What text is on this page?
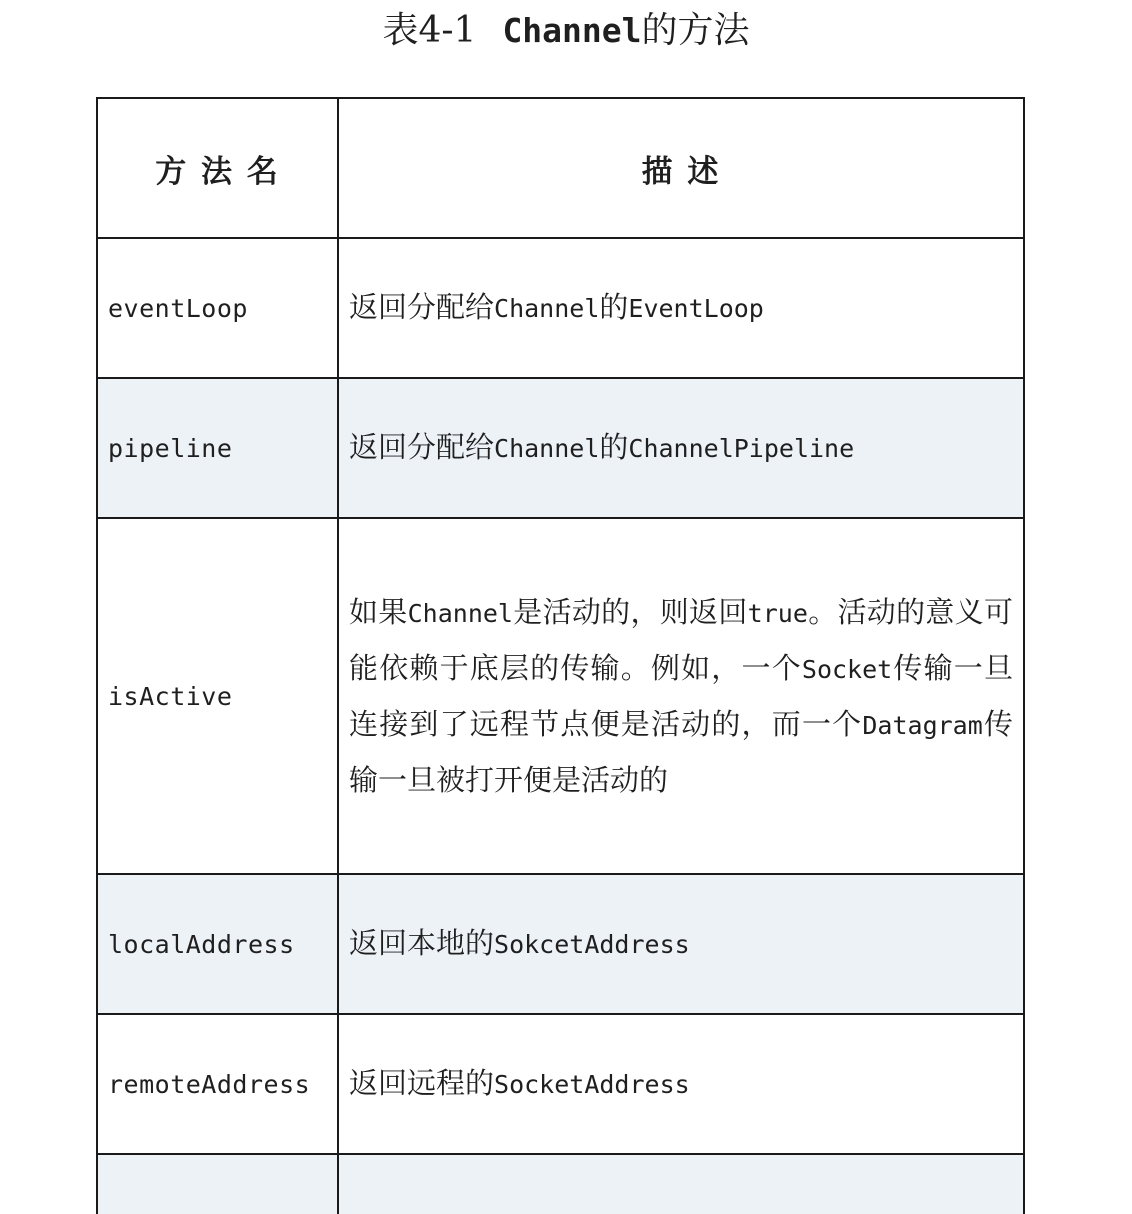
表4-1 Channel的方法
方 法 名	描 述
eventLoop	返回分配给Channel的EventLoop
pipeline	返回分配给Channel的ChannelPipeline
isActive	如果Channel是活动的，则返回true。活动的意义可能依赖于底层的传输。例如，一个Socket传输一旦连接到了远程节点便是活动的，而一个Datagram传输一旦被打开便是活动的

localAddress	返回本地的SokcetAddress
remoteAddress	返回远程的SocketAddress
